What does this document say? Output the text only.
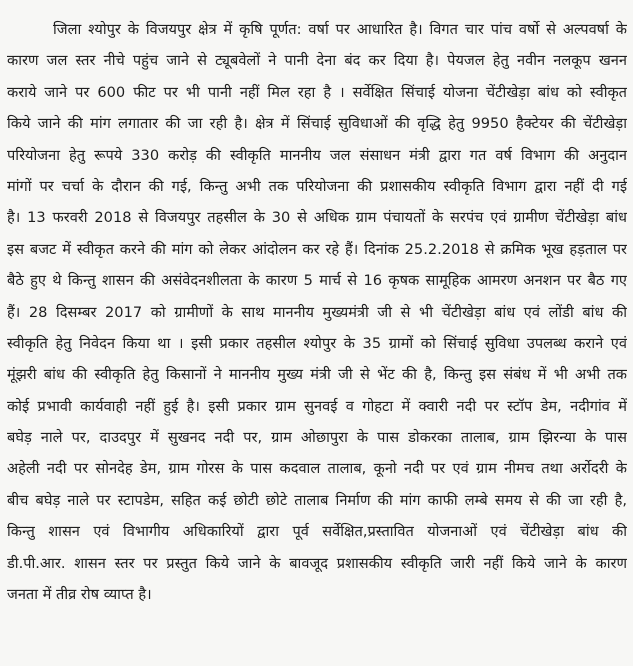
जिला श्योपुर के विजयपुर क्षेत्र में कृषि पूर्णत: वर्षा पर आधारित है। विगत चार पांच वर्षो से अल्पवर्षा के
कारण जल स्तर नीचे पहुंच जाने से ट्यूबवेलों ने पानी देना बंद कर दिया है। पेयजल हेतु नवीन नलकूप खनन
कराये जाने पर 600 फीट पर भी पानी नहीं मिल रहा है । सर्वेक्षित सिंचाई योजना चेंटीखेड़ा बांध को स्वीकृत
किये जाने की मांग लगातार की जा रही है। क्षेत्र में सिंचाई सुविधाओं की वृद्धि हेतु 9950 हैक्टेयर की चेंटीखेड़ा
परियोजना हेतु रूपये 330 करोड़ की स्वीकृति माननीय जल संसाधन मंत्री द्वारा गत वर्ष विभाग की अनुदान
मांगों पर चर्चा के दौरान की गई, किन्तु अभी तक परियोजना की प्रशासकीय स्वीकृति विभाग द्वारा नहीं दी गई
है। 13 फरवरी 2018 से विजयपुर तहसील के 30 से अधिक ग्राम पंचायतों के सरपंच एवं ग्रामीण चेंटीखेड़ा बांध
इस बजट में स्वीकृत करने की मांग को लेकर आंदोलन कर रहे हैं। दिनांक 25.2.2018 से क्रमिक भूख हड़ताल पर
बैठे हुए थे किन्तु शासन की असंवेदनशीलता के कारण 5 मार्च से 16 कृषक सामूहिक आमरण अनशन पर बैठ गए
हैं। 28 दिसम्बर 2017 को ग्रामीणों के साथ माननीय मुख्यमंत्री जी से भी चेंटीखेड़ा बांध एवं लोंडी बांध की
स्वीकृति हेतु निवेदन किया था । इसी प्रकार तहसील श्योपुर के 35 ग्रामों को सिंचाई सुविधा उपलब्ध कराने एवं
मूंझरी बांध की स्वीकृति हेतु किसानों ने माननीय मुख्य मंत्री जी से भेंट की है, किन्तु इस संबंध में भी अभी तक
कोई प्रभावी कार्यवाही नहीं हुई है। इसी प्रकार ग्राम सुनवई व गोहटा में क्वारी नदी पर स्टॉप डेम, नदीगांव में
बघेड़ नाले पर, दाउदपुर में सुखनद नदी पर, ग्राम ओछापुरा के पास डोकरका तालाब, ग्राम झिरन्या के पास
अहेली नदी पर सोनदेह डेम, ग्राम गोरस के पास कदवाल तालाब, कूनो नदी पर एवं ग्राम नीमच तथा अर्रोदरी के
बीच बघेड़ नाले पर स्टापडेम, सहित कई छोटी छोटे तालाब निर्माण की मांग काफी लम्बे समय से की जा रही है,
किन्तु शासन एवं विभागीय अधिकारियों द्वारा पूर्व सर्वेक्षित,प्रस्तावित योजनाओं एवं चेंटीखेड़ा बांध की
डी.पी.आर. शासन स्तर पर प्रस्तुत किये जाने के बावजूद प्रशासकीय स्वीकृति जारी नहीं किये जाने के कारण
जनता में तीव्र रोष व्याप्त है।
